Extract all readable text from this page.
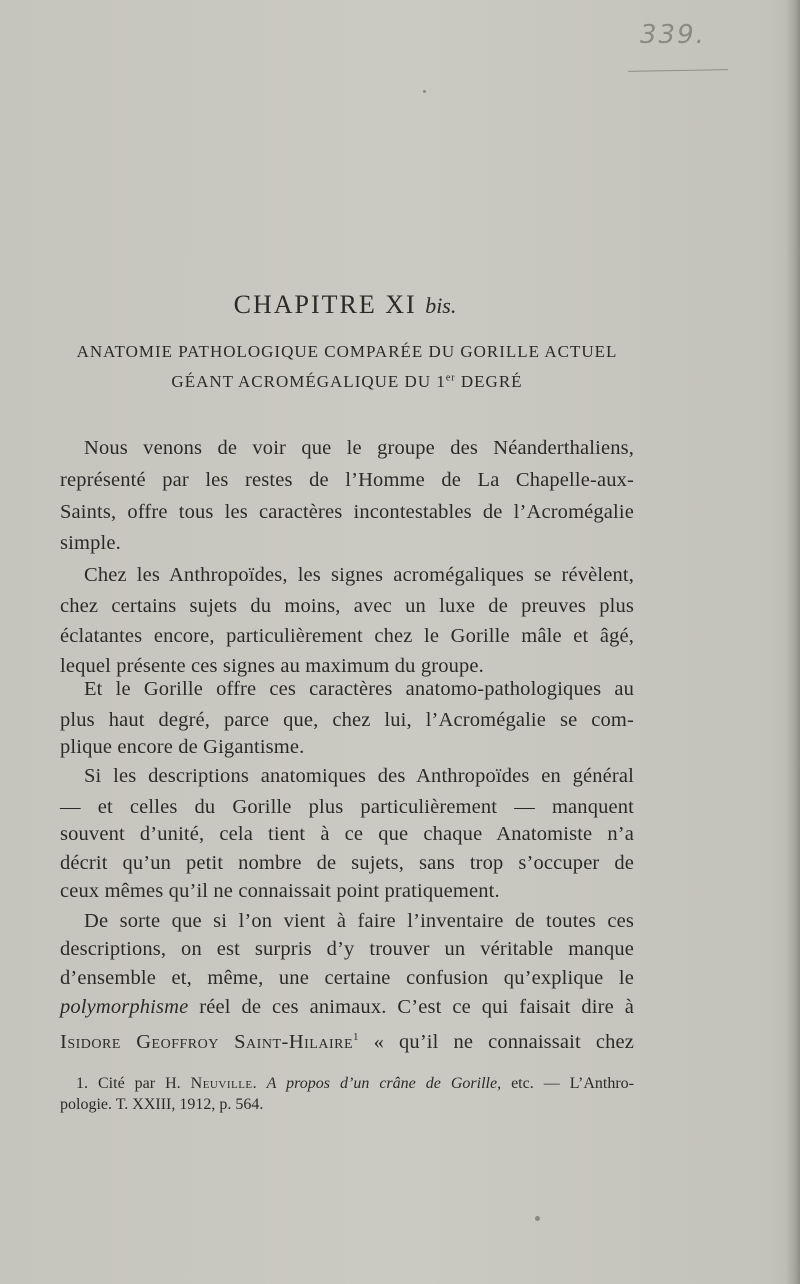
339.
CHAPITRE XI bis.
ANATOMIE PATHOLOGIQUE COMPARÉE DU GORILLE ACTUEL
GÉANT ACROMÉGALIQUE DU 1er DEGRÉ
Nous venons de voir que le groupe des Néanderthaliens,
représenté par les restes de l’Homme de La Chapelle-aux-
Saints, offre tous les caractères incontestables de l’Acromégalie
simple.
Chez les Anthropoïdes, les signes acromégaliques se révèlent,
chez certains sujets du moins, avec un luxe de preuves plus
éclatantes encore, particulièrement chez le Gorille mâle et âgé,
lequel présente ces signes au maximum du groupe.
Et le Gorille offre ces caractères anatomo-pathologiques au
plus haut degré, parce que, chez lui, l’Acromégalie se com-
plique encore de Gigantisme.
Si les descriptions anatomiques des Anthropoïdes en général
— et celles du Gorille plus particulièrement — manquent
souvent d’unité, cela tient à ce que chaque Anatomiste n’a
décrit qu’un petit nombre de sujets, sans trop s’occuper de
ceux mêmes qu’il ne connaissait point pratiquement.
De sorte que si l’on vient à faire l’inventaire de toutes ces
descriptions, on est surpris d’y trouver un véritable manque
d’ensemble et, même, une certaine confusion qu’explique le
polymorphisme réel de ces animaux. C’est ce qui faisait dire à
Isidore Geoffroy Saint-Hilaire$^1$ « qu’il ne connaissait chez
1. Cité par H. Neuville. A propos d’un crâne de Gorille, etc. — L’Anthro-
pologie. T. XXIII, 1912, p. 564.
